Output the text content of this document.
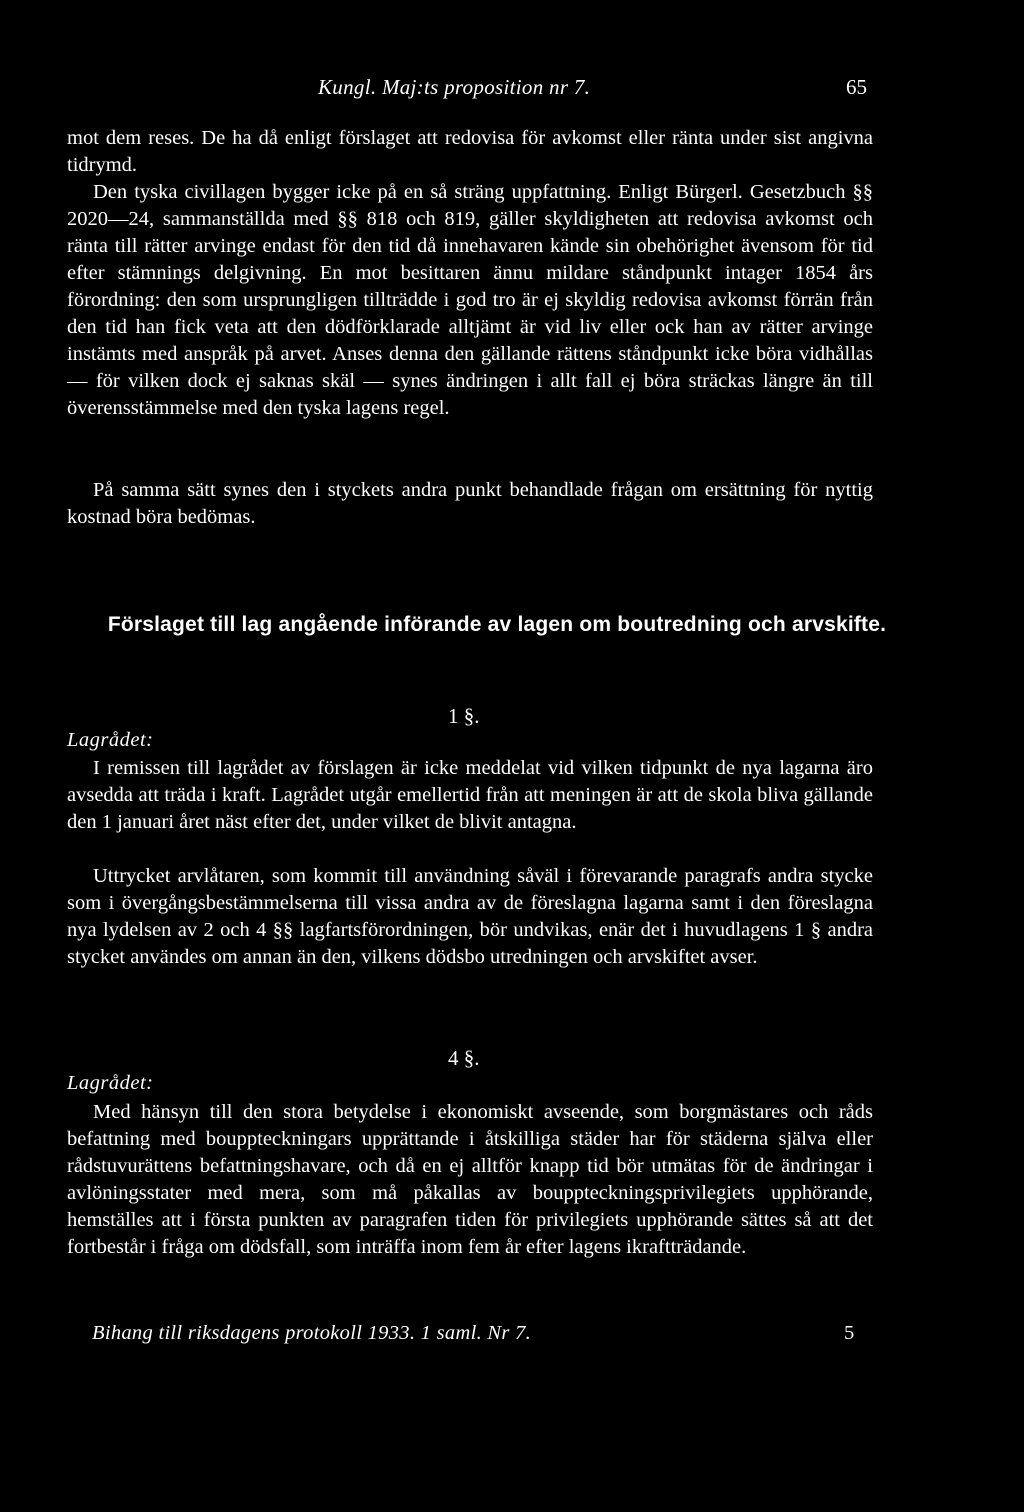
Kungl. Maj:ts proposition nr 7.	65
mot dem reses. De ha då enligt förslaget att redovisa för avkomst eller ränta under sist angivna tidrymd.
Den tyska civillagen bygger icke på en så sträng uppfattning. Enligt Bürgerl. Gesetzbuch §§ 2020—24, sammanställda med §§ 818 och 819, gäller skyldigheten att redovisa avkomst och ränta till rätter arvinge endast för den tid då innehavaren kände sin obehörighet ävensom för tid efter stämnings delgivning. En mot besittaren ännu mildare ståndpunkt intager 1854 års förordning: den som ursprungligen tillträdde i god tro är ej skyldig redovisa avkomst förrän från den tid han fick veta att den dödförklarade alltjämt är vid liv eller ock han av rätter arvinge instämts med anspråk på arvet. Anses denna den gällande rättens ståndpunkt icke böra vidhållas — för vilken dock ej saknas skäl — synes ändringen i allt fall ej böra sträckas längre än till överensstämmelse med den tyska lagens regel.
På samma sätt synes den i styckets andra punkt behandlade frågan om ersättning för nyttig kostnad böra bedömas.
Förslaget till lag angående införande av lagen om boutredning och arvskifte.
1 §.
Lagrådet:
I remissen till lagrådet av förslagen är icke meddelat vid vilken tidpunkt de nya lagarna äro avsedda att träda i kraft. Lagrådet utgår emellertid från att meningen är att de skola bliva gällande den 1 januari året näst efter det, under vilket de blivit antagna.
Uttrycket arvlåtaren, som kommit till användning såväl i förevarande paragrafs andra stycke som i övergångsbestämmelserna till vissa andra av de föreslagna lagarna samt i den föreslagna nya lydelsen av 2 och 4 §§ lagfartsförordningen, bör undvikas, enär det i huvudlagens 1 § andra stycket användes om annan än den, vilkens dödsbo utredningen och arvskiftet avser.
4 §.
Lagrådet:
Med hänsyn till den stora betydelse i ekonomiskt avseende, som borgmästares och råds befattning med bouppteckningars upprättande i åtskilliga städer har för städerna själva eller rådstuvurättens befattningshavare, och då en ej alltför knapp tid bör utmätas för de ändringar i avlöningsstater med mera, som må påkallas av bouppteckningsprivilegiets upphörande, hemställes att i första punkten av paragrafen tiden för privilegiets upphörande sättes så att det fortbestår i fråga om dödsfall, som inträffa inom fem år efter lagens ikraftträdande.
Bihang till riksdagens protokoll 1933. 1 saml. Nr 7.	5
